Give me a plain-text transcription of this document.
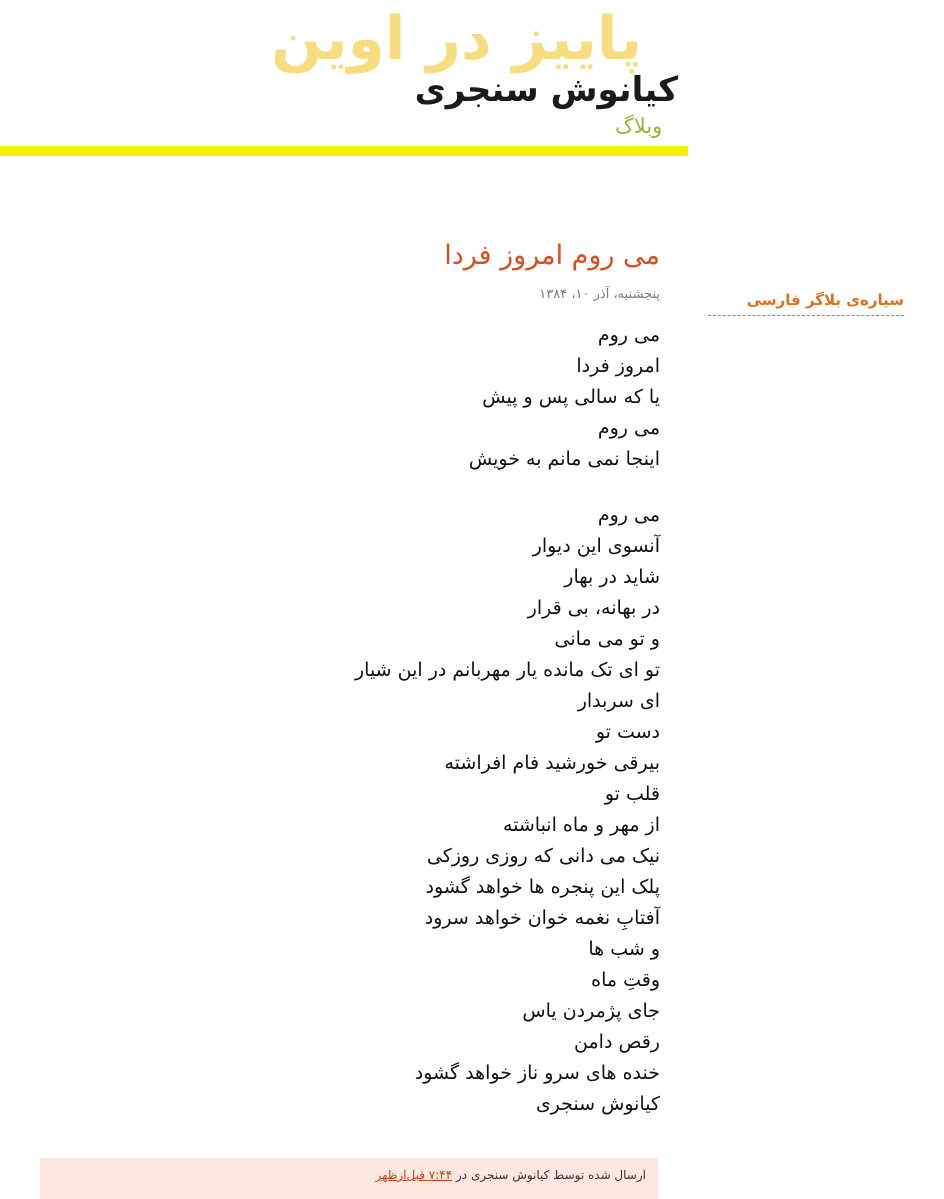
پاییز در اوین
کیانوش سنجری
وبلاگ
می روم امروز فردا
پنجشنبه، آذر ۱۰، ۱۳۸۴
می روم
امروز فردا
یا که سالی پس و پیش
می روم
اینجا نمی مانم به خویش
می روم
آنسوی این دیوار
شاید در بهار
در بهانه، بی قرار
و تو می مانی
تو ای تک مانده یار مهربانم در این شیار
ای سربدار
دست تو
بیرقی خورشید فام افراشته
قلب تو
از مهر و ماه انباشته
نیک می دانی که روزی روزکی
پلک این پنجره ها خواهد گشود
آفتابِ نغمه خوان خواهد سرود
و شب ها
وقتِ ماه
جای پژمردن یاس
رقص دامن
خنده های سرو ناز خواهد گشود
کیانوش سنجری
ارسال شده توسط کیانوش سنجری در ۷:۴۴ قبل‌ازظهر
سیاره‌ی بلاگر فارسی
